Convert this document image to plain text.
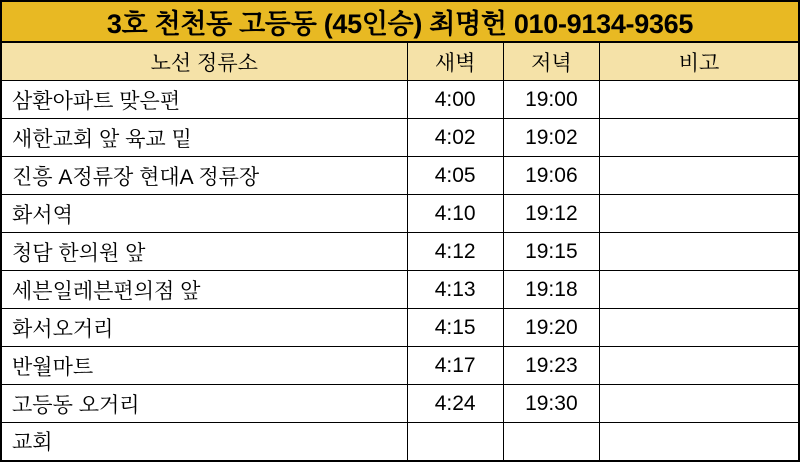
3호 천천동 고등동 (45인승) 최명헌 010-9134-9365
노선 정류소	새벽	저녁	비고
삼환아파트 맞은편	4:00	19:00	
새한교회 앞 육교 밑	4:02	19:02	
진흥 A정류장 현대A 정류장	4:05	19:06	
화서역	4:10	19:12	
청담 한의원 앞	4:12	19:15	
세븐일레븐편의점 앞	4:13	19:18	
화서오거리	4:15	19:20	
반월마트	4:17	19:23	
고등동 오거리	4:24	19:30	
교회			
